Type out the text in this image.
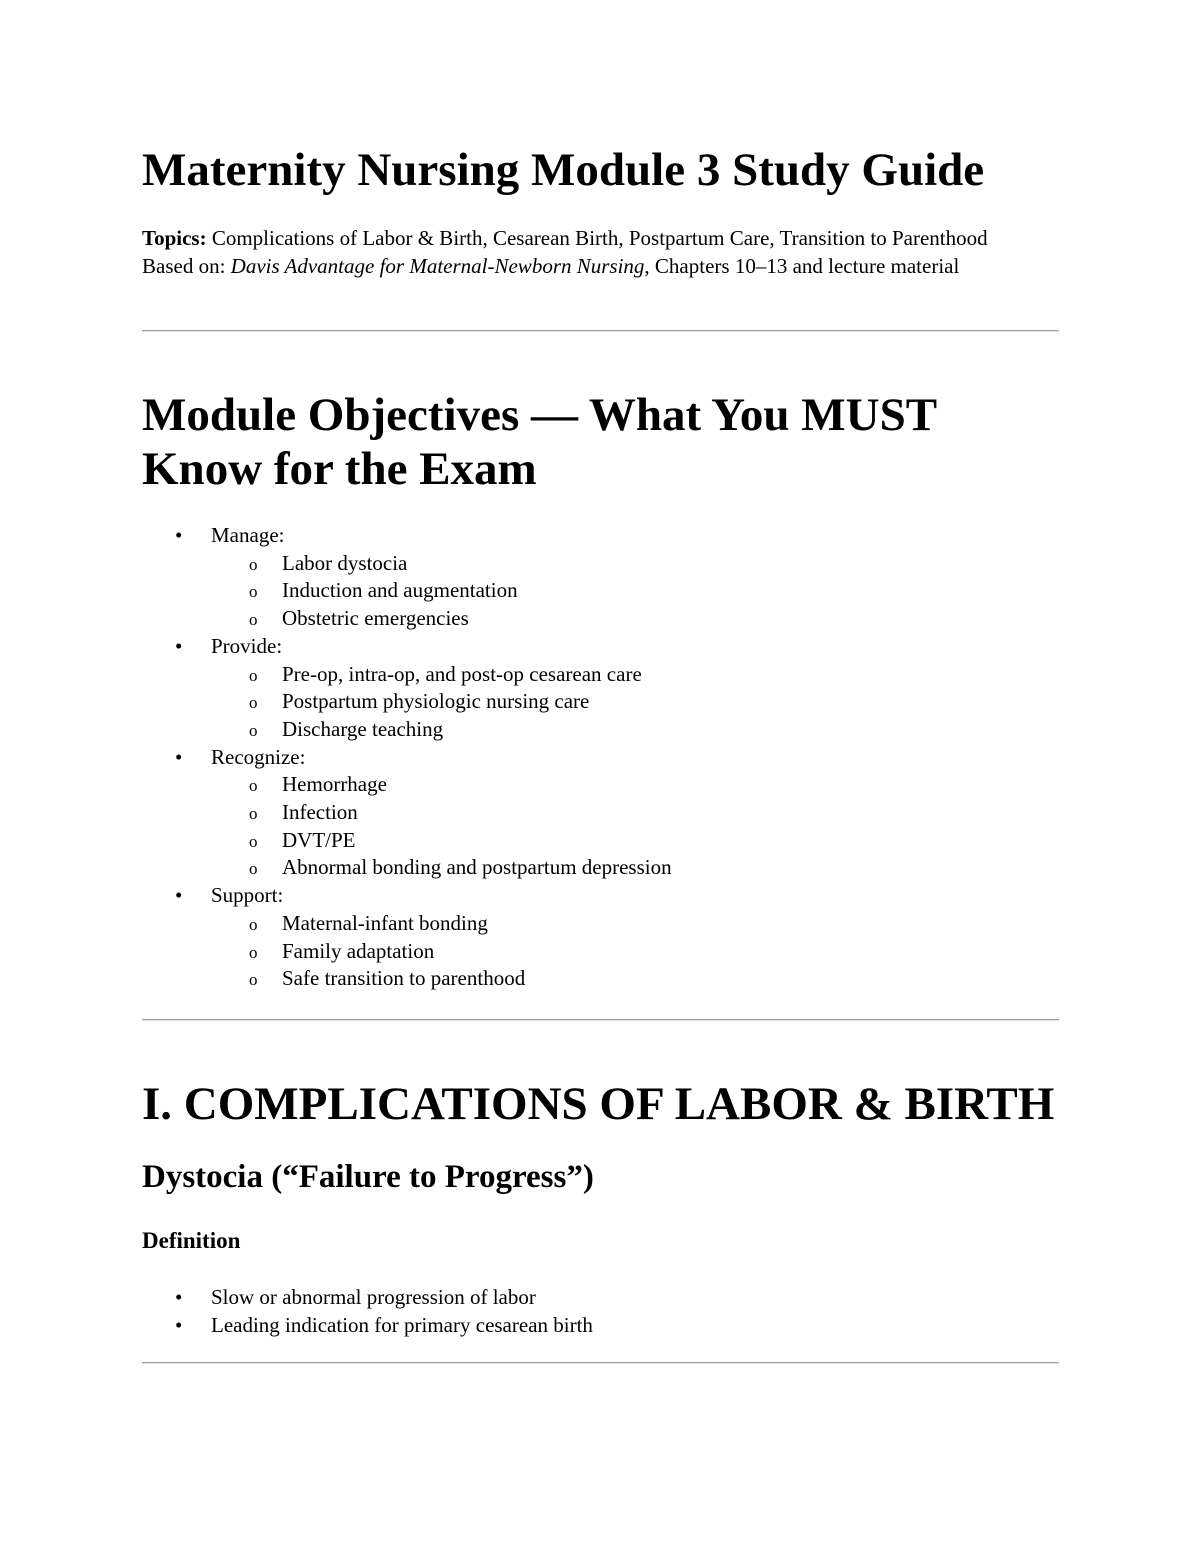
Maternity Nursing Module 3 Study Guide
Topics: Complications of Labor & Birth, Cesarean Birth, Postpartum Care, Transition to Parenthood
Based on: Davis Advantage for Maternal-Newborn Nursing, Chapters 10–13 and lecture material
Module Objectives — What You MUST Know for the Exam
• Manage:
o Labor dystocia
o Induction and augmentation
o Obstetric emergencies
• Provide:
o Pre-op, intra-op, and post-op cesarean care
o Postpartum physiologic nursing care
o Discharge teaching
• Recognize:
o Hemorrhage
o Infection
o DVT/PE
o Abnormal bonding and postpartum depression
• Support:
o Maternal-infant bonding
o Family adaptation
o Safe transition to parenthood
I. COMPLICATIONS OF LABOR & BIRTH
Dystocia (“Failure to Progress”)
Definition
• Slow or abnormal progression of labor
• Leading indication for primary cesarean birth
